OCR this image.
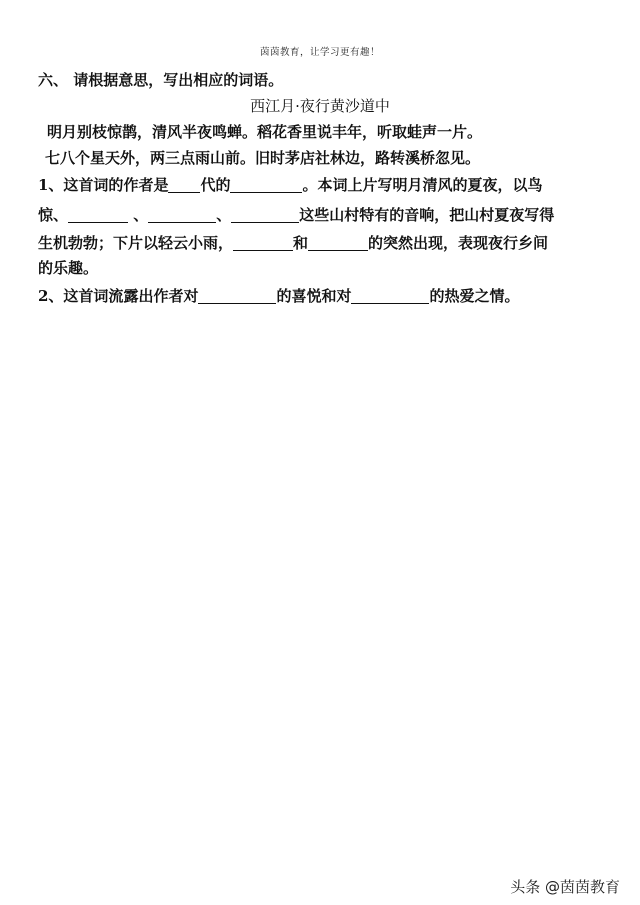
茵茵教育，让学习更有趣！
六、 请根据意思，写出相应的词语。
西江月·夜行黄沙道中
明月别枝惊鹊，清风半夜鸣蝉。稻花香里说丰年，听取蛙声一片。
七八个星天外，两三点雨山前。旧时茅店社林边，路转溪桥忽见。
1、这首词的作者是 代的	。本词上片写明月清风的夏夜，以鸟
惊、	、	、	这些山村特有的音响，把山村夏夜写得
生机勃勃；下片以轻云小雨，	和	的突然出现，表现夜行乡间
的乐趣。
2、这首词流露出作者对	的喜悦和对	的热爱之情。
头条 @茵茵教育
